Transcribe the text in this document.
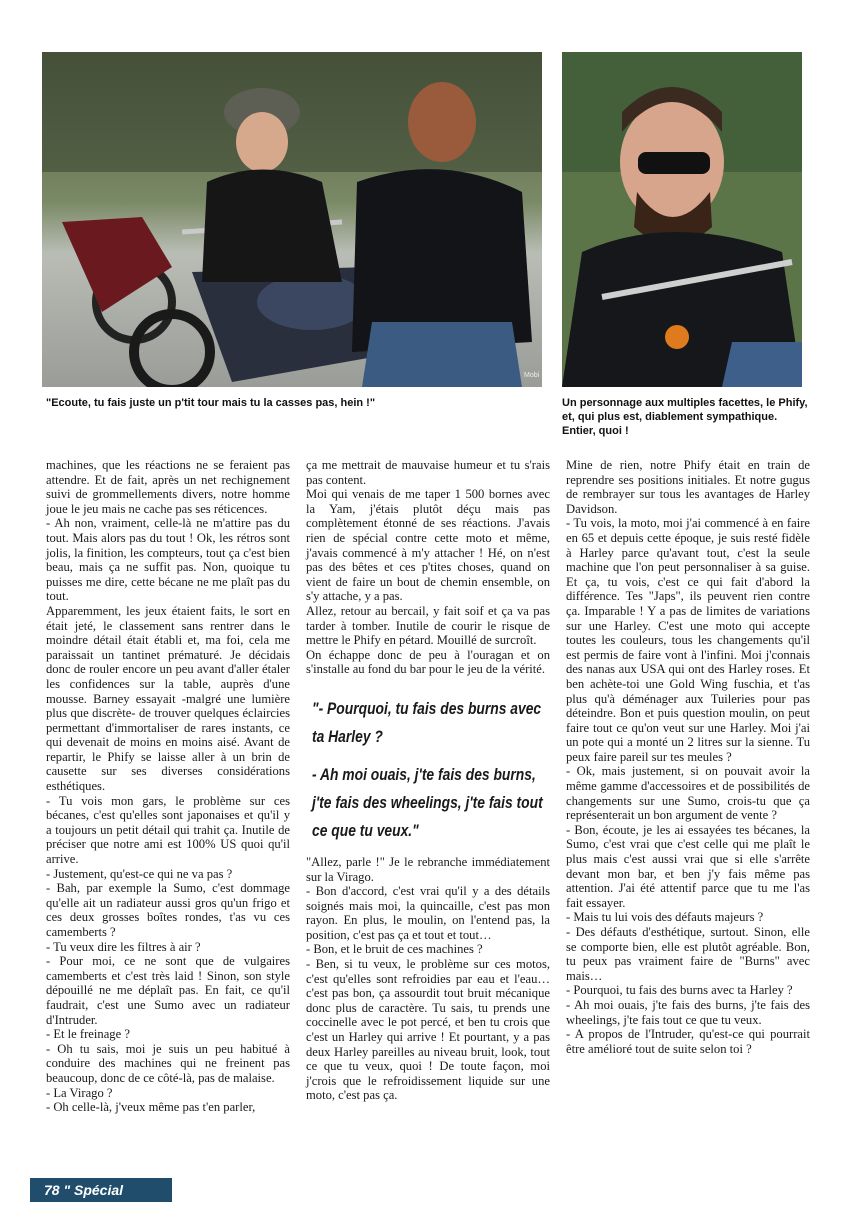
Mobi
"Ecoute, tu fais juste un p'tit tour mais tu la casses pas, hein !"	Un personnage aux multiples facettes, le Phify, et, qui plus est, diablement sympathique. Entier, quoi !

machines, que les réactions ne se feraient pas attendre. Et de fait, après un net rechignement suivi de grommellements divers, notre homme joue le jeu mais ne cache pas ses réticences.

- Ah non, vraiment, celle-là ne m'attire pas du tout. Mais alors pas du tout ! Ok, les rétros sont jolis, la finition, les compteurs, tout ça c'est bien beau, mais ça ne suffit pas. Non, quoique tu puisses me dire, cette bécane ne me plaît pas du tout.

Apparemment, les jeux étaient faits, le sort en était jeté, le classement sans rentrer dans le moindre détail était établi et, ma foi, cela me paraissait un tantinet prématuré. Je décidais donc de rouler encore un peu avant d'aller étaler les confidences sur la table, auprès d'une mousse. Barney essayait -malgré une lumière plus que discrète- de trouver quelques éclaircies permettant d'immortaliser de rares instants, ce qui devenait de moins en moins aisé. Avant de repartir, le Phify se laisse aller à un brin de causette sur ses diverses considérations esthétiques.

- Tu vois mon gars, le problème sur ces bécanes, c'est qu'elles sont japonaises et qu'il y a toujours un petit détail qui trahit ça. Inutile de préciser que notre ami est 100% US quoi qu'il arrive.

- Justement, qu'est-ce qui ne va pas ?

- Bah, par exemple la Sumo, c'est dommage qu'elle ait un radiateur aussi gros qu'un frigo et ces deux grosses boîtes rondes, t'as vu ces camemberts ?

- Tu veux dire les filtres à air ?

- Pour moi, ce ne sont que de vulgaires camemberts et c'est très laid ! Sinon, son style dépouillé ne me déplaît pas. En fait, ce qu'il faudrait, c'est une Sumo avec un radiateur d'Intruder.

- Et le freinage ?

- Oh tu sais, moi je suis un peu habitué à conduire des machines qui ne freinent pas beaucoup, donc de ce côté-là, pas de malaise.

- La Virago ?

- Oh celle-là, j'veux même pas t'en parler,

ça me mettrait de mauvaise humeur et tu s'rais pas content.

Moi qui venais de me taper 1 500 bornes avec la Yam, j'étais plutôt déçu mais pas complètement étonné de ses réactions. J'avais rien de spécial contre cette moto et même, j'avais commencé à m'y attacher ! Hé, on n'est pas des bêtes et ces p'tites choses, quand on vient de faire un bout de chemin ensemble, on s'y attache, y a pas.

Allez, retour au bercail, y fait soif et ça va pas tarder à tomber. Inutile de courir le risque de mettre le Phify en pétard. Mouillé de surcroît.

On échappe donc de peu à l'ouragan et on s'installe au fond du bar pour le jeu de la vérité.

"- Pourquoi, tu fais des burns avec ta Harley ?

- Ah moi ouais, j'te fais des burns, j'te fais des wheelings, j'te fais tout ce que tu veux."

"Allez, parle !" Je le rebranche immédiatement sur la Virago.

- Bon d'accord, c'est vrai qu'il y a des détails soignés mais moi, la quincaille, c'est pas mon rayon. En plus, le moulin, on l'entend pas, la position, c'est pas ça et tout et tout…

- Bon, et le bruit de ces machines ?

- Ben, si tu veux, le problème sur ces motos, c'est qu'elles sont refroidies par eau et l'eau… c'est pas bon, ça assourdit tout bruit mécanique donc plus de caractère. Tu sais, tu prends une coccinelle avec le pot percé, et ben tu crois que c'est un Harley qui arrive ! Et pourtant, y a pas deux Harley pareilles au niveau bruit, look, tout ce que tu veux, quoi ! De toute façon, moi j'crois que le refroidissement liquide sur une moto, c'est pas ça.

Mine de rien, notre Phify était en train de reprendre ses positions initiales. Et notre gugus de rembrayer sur tous les avantages de Harley Davidson.

- Tu vois, la moto, moi j'ai commencé à en faire en 65 et depuis cette époque, je suis resté fidèle à Harley parce qu'avant tout, c'est la seule machine que l'on peut personnaliser à sa guise. Et ça, tu vois, c'est ce qui fait d'abord la différence. Tes "Japs", ils peuvent rien contre ça. Imparable ! Y a pas de limites de variations sur une Harley. C'est une moto qui accepte toutes les couleurs, tous les changements qu'il est permis de faire vont à l'infini. Moi j'connais des nanas aux USA qui ont des Harley roses. Et ben achète-toi une Gold Wing fuschia, et t'as plus qu'à déménager aux Tuileries pour pas déteindre. Bon et puis question moulin, on peut faire tout ce qu'on veut sur une Harley. Moi j'ai un pote qui a monté un 2 litres sur la sienne. Tu peux faire pareil sur tes meules ?

- Ok, mais justement, si on pouvait avoir la même gamme d'accessoires et de possibilités de changements sur une Sumo, crois-tu que ça représenterait un bon argument de vente ?

- Bon, écoute, je les ai essayées tes bécanes, la Sumo, c'est vrai que c'est celle qui me plaît le plus mais c'est aussi vrai que si elle s'arrête devant mon bar, et ben j'y fais même pas attention. J'ai été attentif parce que tu me l'as fait essayer.

- Mais tu lui vois des défauts majeurs ?

- Des défauts d'esthétique, surtout. Sinon, elle se comporte bien, elle est plutôt agréable. Bon, tu peux pas vraiment faire de "Burns" avec mais…

- Pourquoi, tu fais des burns avec ta Harley ?

- Ah moi ouais, j'te fais des burns, j'te fais des wheelings, j'te fais tout ce que tu veux.

- A propos de l'Intruder, qu'est-ce qui pourrait être amélioré tout de suite selon toi ?

78 " Spécial Vacances "
